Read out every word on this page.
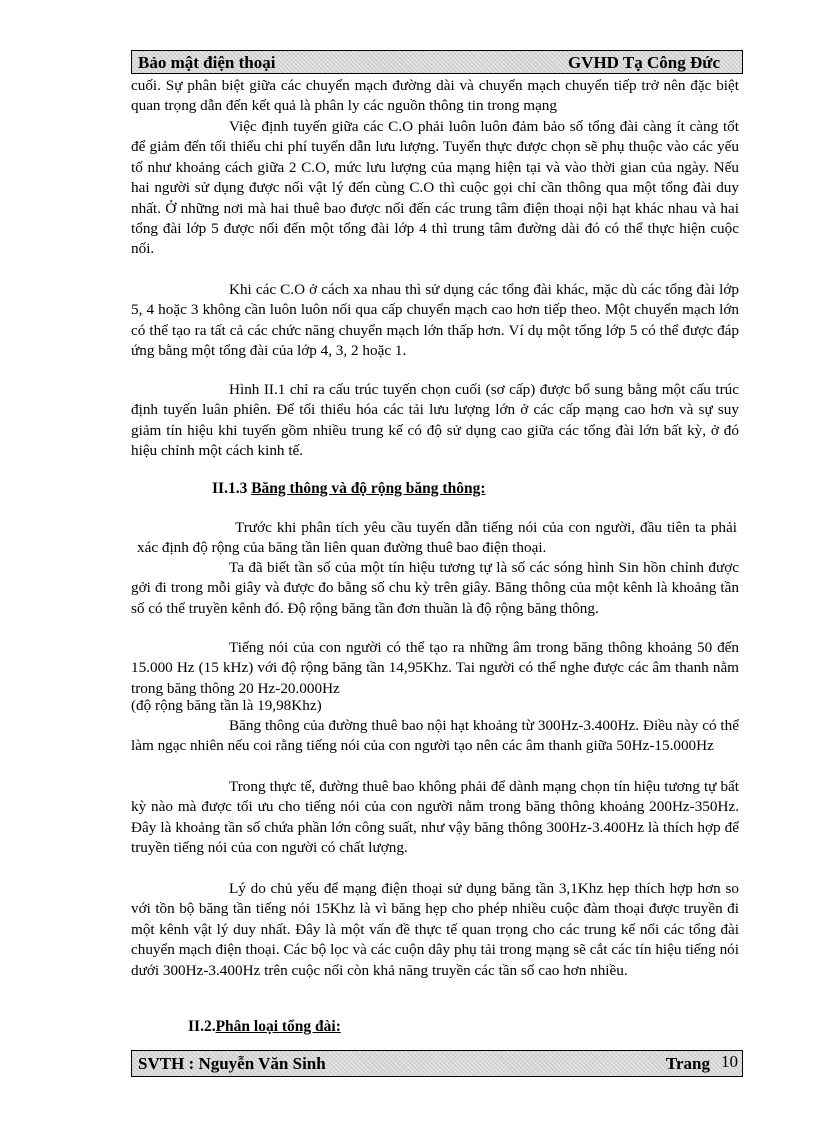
Bảo mật điện thoại	GVHD Tạ Công Đức

cuối. Sự phân biệt giữa các chuyển mạch đường dài và chuyển mạch chuyển tiếp trở nên đặc biệt quan trọng dẫn đến kết quả là phân ly các nguồn thông tin trong mạng

Việc định tuyến giữa các C.O phải luôn luôn đảm bảo số tổng đài càng ít càng tốt để giảm đến tối thiểu chi phí tuyến dẫn lưu lượng. Tuyến thực được chọn sẽ phụ thuộc vào các yếu tố như khoảng cách giữa 2 C.O, mức lưu lượng của mạng hiện tại và vào thời gian của ngày. Nếu hai người sử dụng được nối vật lý đến cùng C.O thì cuộc gọi chỉ cần thông qua một tổng đài duy nhất. Ở những nơi mà hai thuê bao được nối đến các trung tâm điện thoại nội hạt khác nhau và hai tổng đài lớp 5 được nối đến một tổng đài lớp 4 thì trung tâm đường dài đó có thể thực hiện cuộc nối.

Khi các C.O ở cách xa nhau thì sử dụng các tổng đài khác, mặc dù các tổng đài lớp 5, 4 hoặc 3 không cần luôn luôn nối qua cấp chuyển mạch cao hơn tiếp theo. Một chuyển mạch lớn có thể tạo ra tất cả các chức năng chuyển mạch lớn thấp hơn. Ví dụ một tổng lớp 5 có thể được đáp ứng bằng một tổng đài của lớp 4, 3, 2 hoặc 1.

Hình II.1 chỉ ra cấu trúc tuyến chọn cuối (sơ cấp) được bổ sung bằng một cấu trúc định tuyến luân phiên. Để tối thiểu hóa các tải lưu lượng lớn ở các cấp mạng cao hơn và sự suy giảm tín hiệu khi tuyến gồm nhiều trung kế có độ sử dụng cao giữa các tổng đài lớn bất kỳ, ở đó hiệu chỉnh một cách kinh tế.

II.1.3 Băng thông và độ rộng băng thông:

Trước khi phân tích yêu cầu tuyến dẫn tiếng nói của con người, đầu tiên ta phải xác định độ rộng của băng tần liên quan đường thuê bao điện thoại.

Ta đã biết tần số của một tín hiệu tương tự là số các sóng hình Sin hồn chỉnh được gởi đi trong mỗi giây và được đo bằng số chu kỳ trên giây. Băng thông của một kênh là khoảng tần số có thể truyền kênh đó. Độ rộng băng tần đơn thuần là độ rộng băng thông.

Tiếng nói của con người có thể tạo ra những âm trong băng thông khoảng 50 đến 15.000 Hz (15 kHz) với độ rộng băng tần 14,95Khz. Tai người có thể nghe được các âm thanh nằm trong băng thông 20 Hz-20.000Hz

(độ rộng băng tần là 19,98Khz)

Băng thông của đường thuê bao nội hạt khoảng từ 300Hz-3.400Hz. Điều này có thể làm ngạc nhiên nếu coi rằng tiếng nói của con người tạo nên các âm thanh giữa 50Hz-15.000Hz

Trong thực tế, đường thuê bao không phải để dành mạng chọn tín hiệu tương tự bất kỳ nào mà được tối ưu cho tiếng nói của con người nằm trong băng thông khoảng 200Hz-350Hz. Đây là khoảng tần số chứa phần lớn công suất, như vậy băng thông 300Hz-3.400Hz là thích hợp để truyền tiếng nói của con người có chất lượng.

Lý do chủ yếu để mạng điện thoại sử dụng băng tần 3,1Khz hẹp thích hợp hơn so với tồn bộ băng tần tiếng nói 15Khz là vì băng hẹp cho phép nhiều cuộc đàm thoại được truyền đi một kênh vật lý duy nhất. Đây là một vấn đề thực tế quan trọng cho các trung kế nối các tổng đài chuyển mạch điện thoại. Các bộ lọc và các cuộn dây phụ tải trong mạng sẽ cắt các tín hiệu tiếng nói dưới 300Hz-3.400Hz trên cuộc nối còn khả năng truyền các tần số cao hơn nhiều.

II.2.Phân loại tổng đài:
SVTH : Nguyễn Văn Sinh	Trang 10
